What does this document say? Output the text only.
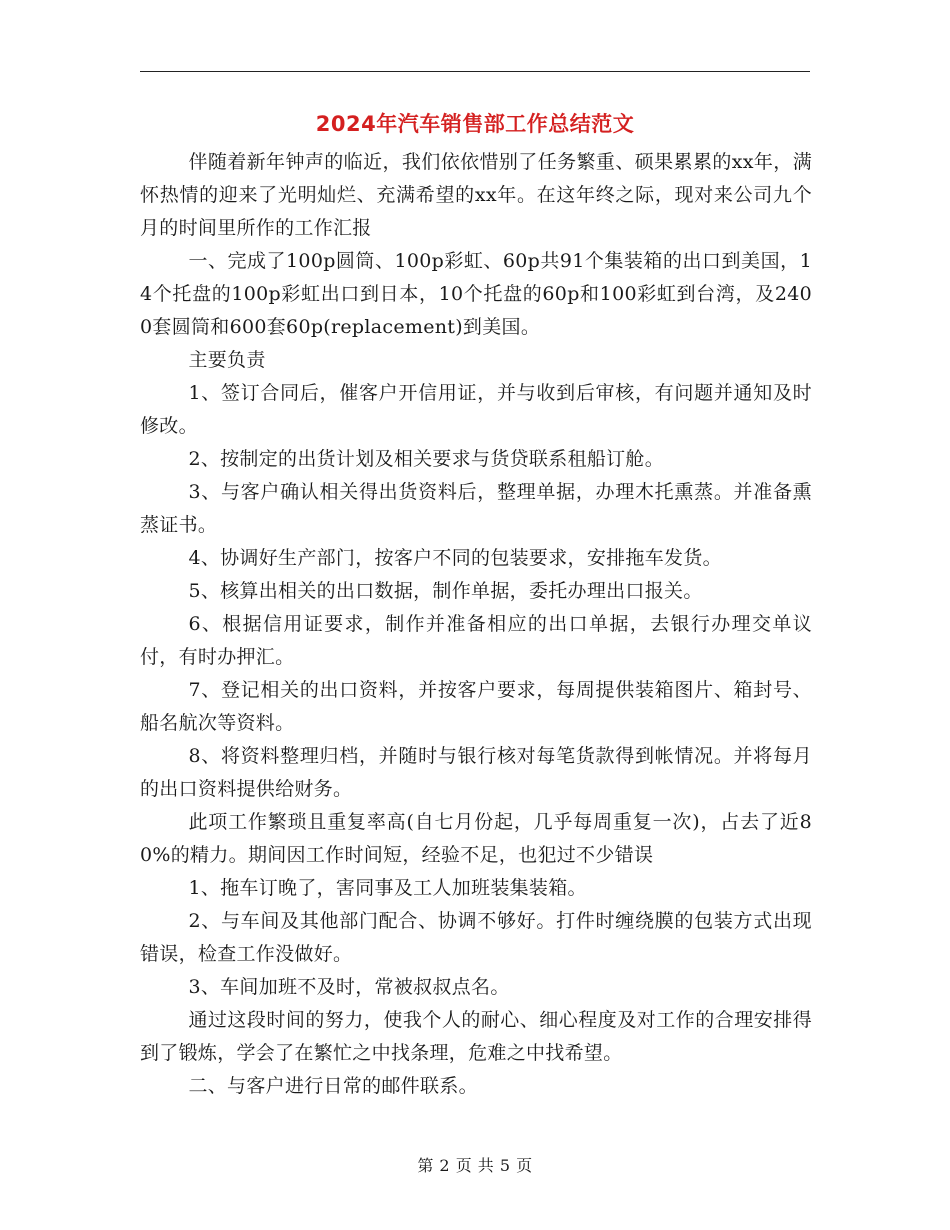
2024年汽车销售部工作总结范文

伴随着新年钟声的临近，我们依依惜别了任务繁重、硕果累累的xx年，满怀热情的迎来了光明灿烂、充满希望的xx年。在这年终之际，现对来公司九个月的时间里所作的工作汇报

一、完成了100p圆筒、100p彩虹、60p共91个集装箱的出口到美国，14个托盘的100p彩虹出口到日本，10个托盘的60p和100彩虹到台湾，及2400套圆筒和600套60p(replacement)到美国。

主要负责

1、签订合同后，催客户开信用证，并与收到后审核，有问题并通知及时修改。

2、按制定的出货计划及相关要求与货贷联系租船订舱。

3、与客户确认相关得出货资料后，整理单据，办理木托熏蒸。并准备熏蒸证书。

4、协调好生产部门，按客户不同的包装要求，安排拖车发货。

5、核算出相关的出口数据，制作单据，委托办理出口报关。

6、根据信用证要求，制作并准备相应的出口单据，去银行办理交单议付，有时办押汇。

7、登记相关的出口资料，并按客户要求，每周提供装箱图片、箱封号、船名航次等资料。

8、将资料整理归档，并随时与银行核对每笔货款得到帐情况。并将每月的出口资料提供给财务。

此项工作繁琐且重复率高(自七月份起，几乎每周重复一次)，占去了近80%的精力。期间因工作时间短，经验不足，也犯过不少错误

1、拖车订晚了，害同事及工人加班装集装箱。

2、与车间及其他部门配合、协调不够好。打件时缠绕膜的包装方式出现错误，检查工作没做好。

3、车间加班不及时，常被叔叔点名。

通过这段时间的努力，使我个人的耐心、细心程度及对工作的合理安排得到了锻炼，学会了在繁忙之中找条理，危难之中找希望。

二、与客户进行日常的邮件联系。

第 2 页 共 5 页
